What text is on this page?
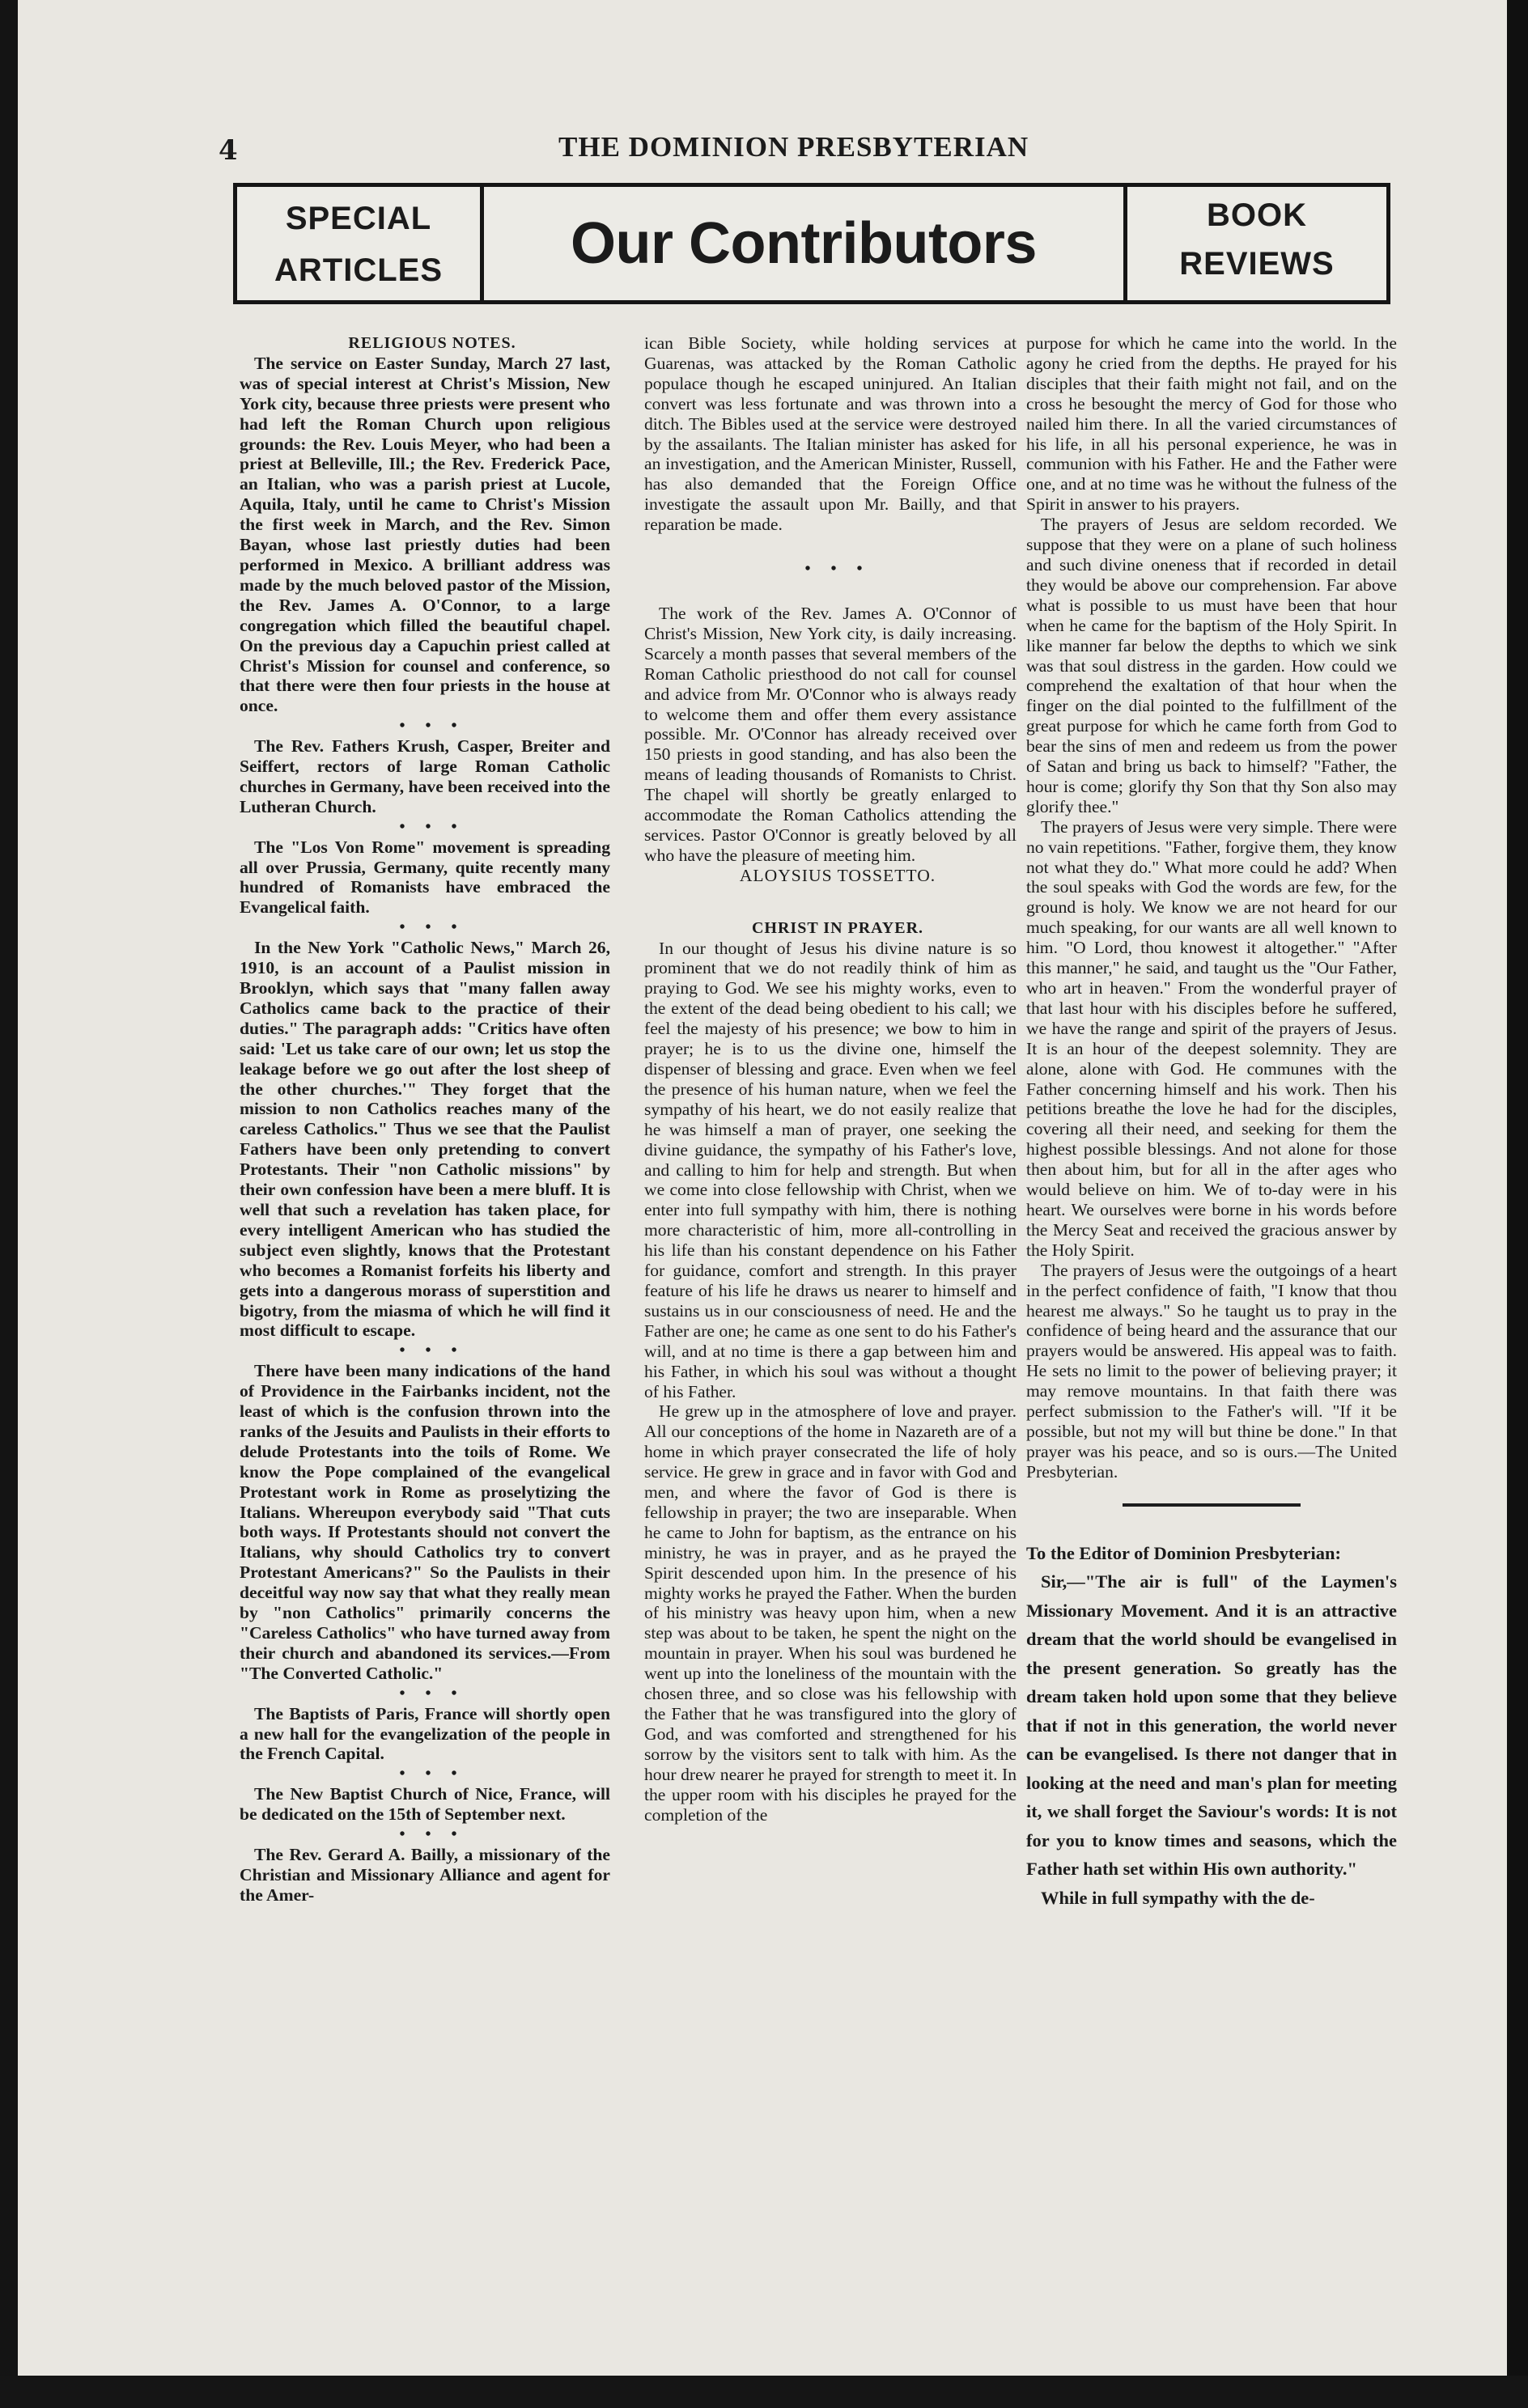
4	THE DOMINION PRESBYTERIAN
SPECIAL
ARTICLES	Our Contributors	BOOK
REVIEWS

RELIGIOUS NOTES.

The service on Easter Sunday, March 27 last, was of special interest at Christ's Mission, New York city, because three priests were present who had left the Roman Church upon religious grounds: the Rev. Louis Meyer, who had been a priest at Belleville, Ill.; the Rev. Frederick Pace, an Italian, who was a parish priest at Lucole, Aquila, Italy, until he came to Christ's Mission the first week in March, and the Rev. Simon Bayan, whose last priestly duties had been performed in Mexico. A brilliant address was made by the much beloved pastor of the Mission, the Rev. James A. O'Connor, to a large congregation which filled the beautiful chapel. On the previous day a Capuchin priest called at Christ's Mission for counsel and conference, so that there were then four priests in the house at once.

• • •

The Rev. Fathers Krush, Casper, Breiter and Seiffert, rectors of large Roman Catholic churches in Germany, have been received into the Lutheran Church.

• • •

The "Los Von Rome" movement is spreading all over Prussia, Germany, quite recently many hundred of Romanists have embraced the Evangelical faith.

• • •

In the New York "Catholic News," March 26, 1910, is an account of a Paulist mission in Brooklyn, which says that "many fallen away Catholics came back to the practice of their duties." The paragraph adds: "Critics have often said: 'Let us take care of our own; let us stop the leakage before we go out after the lost sheep of the other churches.'" They forget that the mission to non Catholics reaches many of the careless Catholics." Thus we see that the Paulist Fathers have been only pretending to convert Protestants. Their "non Catholic missions" by their own confession have been a mere bluff. It is well that such a revelation has taken place, for every intelligent American who has studied the subject even slightly, knows that the Protestant who becomes a Romanist forfeits his liberty and gets into a dangerous morass of superstition and bigotry, from the miasma of which he will find it most difficult to escape.

• • •

There have been many indications of the hand of Providence in the Fairbanks incident, not the least of which is the confusion thrown into the ranks of the Jesuits and Paulists in their efforts to delude Protestants into the toils of Rome. We know the Pope complained of the evangelical Protestant work in Rome as proselytizing the Italians. Whereupon everybody said "That cuts both ways. If Protestants should not convert the Italians, why should Catholics try to convert Protestant Americans?" So the Paulists in their deceitful way now say that what they really mean by "non Catholics" primarily concerns the "Careless Catholics" who have turned away from their church and abandoned its services.—From "The Converted Catholic."

• • •

The Baptists of Paris, France will shortly open a new hall for the evangelization of the people in the French Capital.

• • •

The New Baptist Church of Nice, France, will be dedicated on the 15th of September next.

• • •

The Rev. Gerard A. Bailly, a missionary of the Christian and Missionary Alliance and agent for the Amer-

ican Bible Society, while holding services at Guarenas, was attacked by the Roman Catholic populace though he escaped uninjured. An Italian convert was less fortunate and was thrown into a ditch. The Bibles used at the service were destroyed by the assailants. The Italian minister has asked for an investigation, and the American Minister, Russell, has also demanded that the Foreign Office investigate the assault upon Mr. Bailly, and that reparation be made.

• • •

The work of the Rev. James A. O'Connor of Christ's Mission, New York city, is daily increasing. Scarcely a month passes that several members of the Roman Catholic priesthood do not call for counsel and advice from Mr. O'Connor who is always ready to welcome them and offer them every assistance possible. Mr. O'Connor has already received over 150 priests in good standing, and has also been the means of leading thousands of Romanists to Christ. The chapel will shortly be greatly enlarged to accommodate the Roman Catholics attending the services. Pastor O'Connor is greatly beloved by all who have the pleasure of meeting him.

ALOYSIUS TOSSETTO.

CHRIST IN PRAYER.

In our thought of Jesus his divine nature is so prominent that we do not readily think of him as praying to God. We see his mighty works, even to the extent of the dead being obedient to his call; we feel the majesty of his presence; we bow to him in prayer; he is to us the divine one, himself the dispenser of blessing and grace. Even when we feel the presence of his human nature, when we feel the sympathy of his heart, we do not easily realize that he was himself a man of prayer, one seeking the divine guidance, the sympathy of his Father's love, and calling to him for help and strength. But when we come into close fellowship with Christ, when we enter into full sympathy with him, there is nothing more characteristic of him, more all-controlling in his life than his constant dependence on his Father for guidance, comfort and strength. In this prayer feature of his life he draws us nearer to himself and sustains us in our consciousness of need. He and the Father are one; he came as one sent to do his Father's will, and at no time is there a gap between him and his Father, in which his soul was without a thought of his Father.

He grew up in the atmosphere of love and prayer. All our conceptions of the home in Nazareth are of a home in which prayer consecrated the life of holy service. He grew in grace and in favor with God and men, and where the favor of God is there is fellowship in prayer; the two are inseparable. When he came to John for baptism, as the entrance on his ministry, he was in prayer, and as he prayed the Spirit descended upon him. In the presence of his mighty works he prayed the Father. When the burden of his ministry was heavy upon him, when a new step was about to be taken, he spent the night on the mountain in prayer. When his soul was burdened he went up into the loneliness of the mountain with the chosen three, and so close was his fellowship with the Father that he was transfigured into the glory of God, and was comforted and strengthened for his sorrow by the visitors sent to talk with him. As the hour drew nearer he prayed for strength to meet it. In the upper room with his disciples he prayed for the completion of the

purpose for which he came into the world. In the agony he cried from the depths. He prayed for his disciples that their faith might not fail, and on the cross he besought the mercy of God for those who nailed him there. In all the varied circumstances of his life, in all his personal experience, he was in communion with his Father. He and the Father were one, and at no time was he without the fulness of the Spirit in answer to his prayers.

The prayers of Jesus are seldom recorded. We suppose that they were on a plane of such holiness and such divine oneness that if recorded in detail they would be above our comprehension. Far above what is possible to us must have been that hour when he came for the baptism of the Holy Spirit. In like manner far below the depths to which we sink was that soul distress in the garden. How could we comprehend the exaltation of that hour when the finger on the dial pointed to the fulfillment of the great purpose for which he came forth from God to bear the sins of men and redeem us from the power of Satan and bring us back to himself? "Father, the hour is come; glorify thy Son that thy Son also may glorify thee."

The prayers of Jesus were very simple. There were no vain repetitions. "Father, forgive them, they know not what they do." What more could he add? When the soul speaks with God the words are few, for the ground is holy. We know we are not heard for our much speaking, for our wants are all well known to him. "O Lord, thou knowest it altogether." "After this manner," he said, and taught us the "Our Father, who art in heaven." From the wonderful prayer of that last hour with his disciples before he suffered, we have the range and spirit of the prayers of Jesus. It is an hour of the deepest solemnity. They are alone, alone with God. He communes with the Father concerning himself and his work. Then his petitions breathe the love he had for the disciples, covering all their need, and seeking for them the highest possible blessings. And not alone for those then about him, but for all in the after ages who would believe on him. We of to-day were in his heart. We ourselves were borne in his words before the Mercy Seat and received the gracious answer by the Holy Spirit.

The prayers of Jesus were the outgoings of a heart in the perfect confidence of faith, "I know that thou hearest me always." So he taught us to pray in the confidence of being heard and the assurance that our prayers would be answered. His appeal was to faith. He sets no limit to the power of believing prayer; it may remove mountains. In that faith there was perfect submission to the Father's will. "If it be possible, but not my will but thine be done." In that prayer was his peace, and so is ours.—The United Presbyterian.

To the Editor of Dominion Presbyterian:

Sir,—"The air is full" of the Laymen's Missionary Movement. And it is an attractive dream that the world should be evangelised in the present generation. So greatly has the dream taken hold upon some that they believe that if not in this generation, the world never can be evangelised. Is there not danger that in looking at the need and man's plan for meeting it, we shall forget the Saviour's words: It is not for you to know times and seasons, which the Father hath set within His own authority."

While in full sympathy with the de-
